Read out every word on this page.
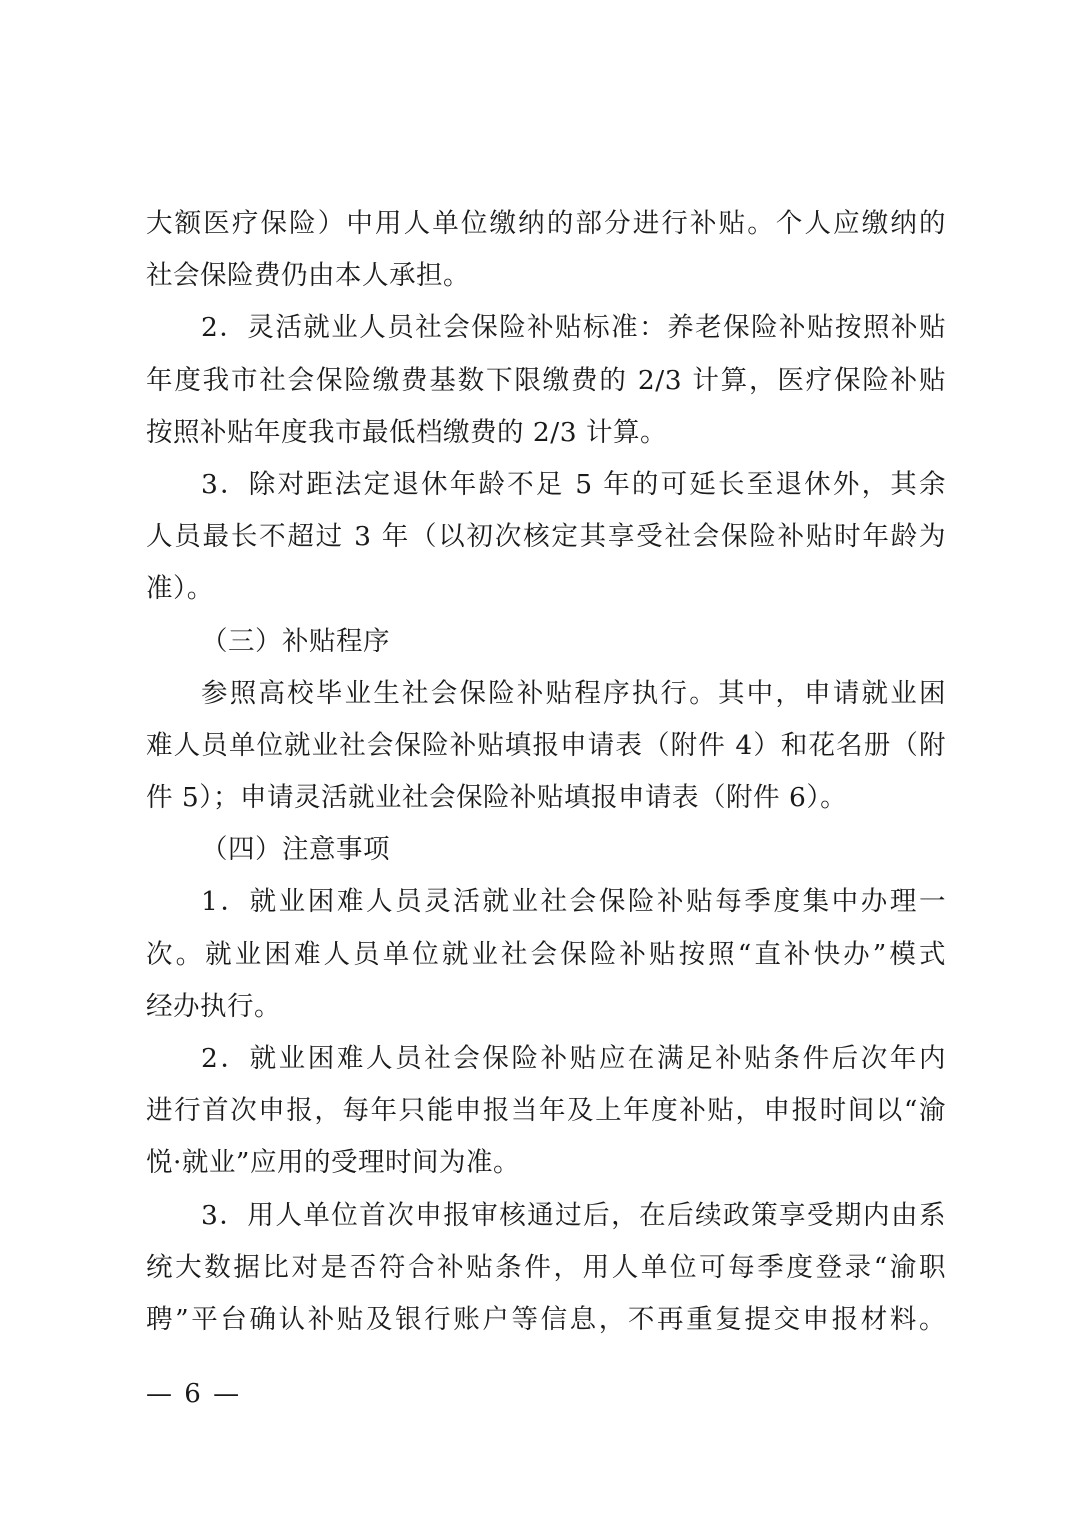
大额医疗保险）中用人单位缴纳的部分进行补贴。个人应缴纳的
社会保险费仍由本人承担。
2．灵活就业人员社会保险补贴标准：养老保险补贴按照补贴
年度我市社会保险缴费基数下限缴费的 2/3 计算，医疗保险补贴
按照补贴年度我市最低档缴费的 2/3 计算。
3．除对距法定退休年龄不足 5 年的可延长至退休外，其余
人员最长不超过 3 年（以初次核定其享受社会保险补贴时年龄为
准）。
（三）补贴程序
参照高校毕业生社会保险补贴程序执行。其中，申请就业困
难人员单位就业社会保险补贴填报申请表（附件 4）和花名册（附
件 5）；申请灵活就业社会保险补贴填报申请表（附件 6）。
（四）注意事项
1．就业困难人员灵活就业社会保险补贴每季度集中办理一
次。就业困难人员单位就业社会保险补贴按照“直补快办”模式
经办执行。
2．就业困难人员社会保险补贴应在满足补贴条件后次年内
进行首次申报，每年只能申报当年及上年度补贴，申报时间以“渝
悦·就业”应用的受理时间为准。
3．用人单位首次申报审核通过后，在后续政策享受期内由系
统大数据比对是否符合补贴条件，用人单位可每季度登录“渝职
聘”平台确认补贴及银行账户等信息，不再重复提交申报材料。
— 6 —
